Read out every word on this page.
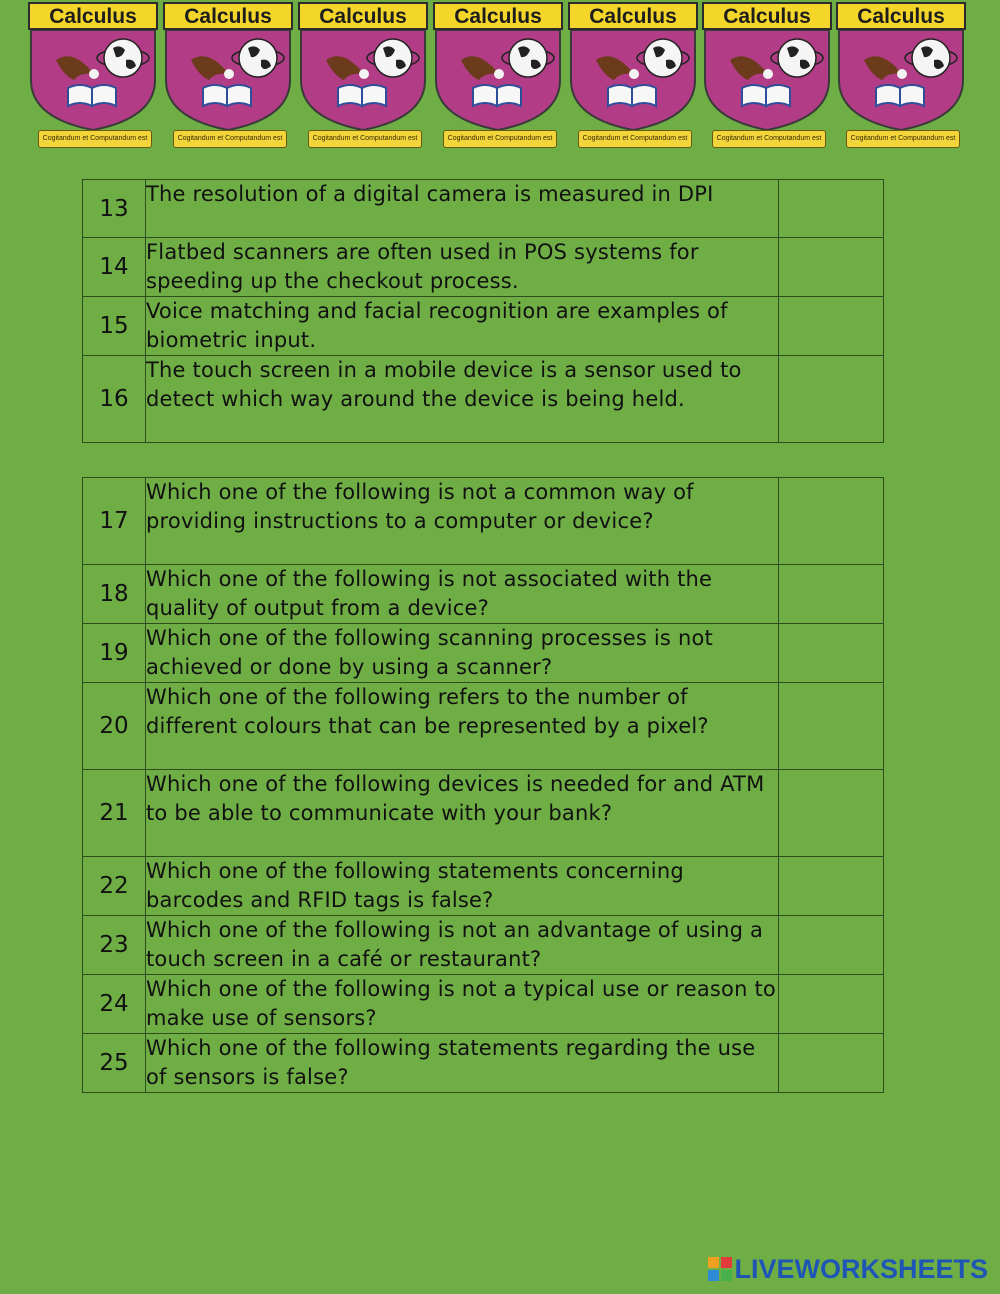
Calculus
Cogitandum et Computandum est
Calculus
Cogitandum et Computandum est
Calculus
Cogitandum et Computandum est
Calculus
Cogitandum et Computandum est
Calculus
Cogitandum et Computandum est
Calculus
Cogitandum et Computandum est
Calculus
Cogitandum et Computandum est
13	The resolution of a digital camera is measured in DPI	
14	Flatbed scanners are often used in POS systems for speeding up the checkout process.	
15	Voice matching and facial recognition are examples of biometric input.	
16	The touch screen in a mobile device is a sensor used to detect which way around the device is being held.	
17	Which one of the following is not a common way of providing instructions to a computer or device?	
18	Which one of the following is not associated with the quality of output from a device?	
19	Which one of the following scanning processes is not achieved or done by using a scanner?	
20	Which one of the following refers to the number of different colours that can be represented by a pixel?	
21	Which one of the following devices is needed for and ATM to be able to communicate with your bank?	
22	Which one of the following statements concerning barcodes and RFID tags is false?	
23	Which one of the following is not an advantage of using a touch screen in a café or restaurant?	
24	Which one of the following is not a typical use or reason to make use of sensors?	
25	Which one of the following statements regarding the use of sensors is false?	
LIVEWORKSHEETS
